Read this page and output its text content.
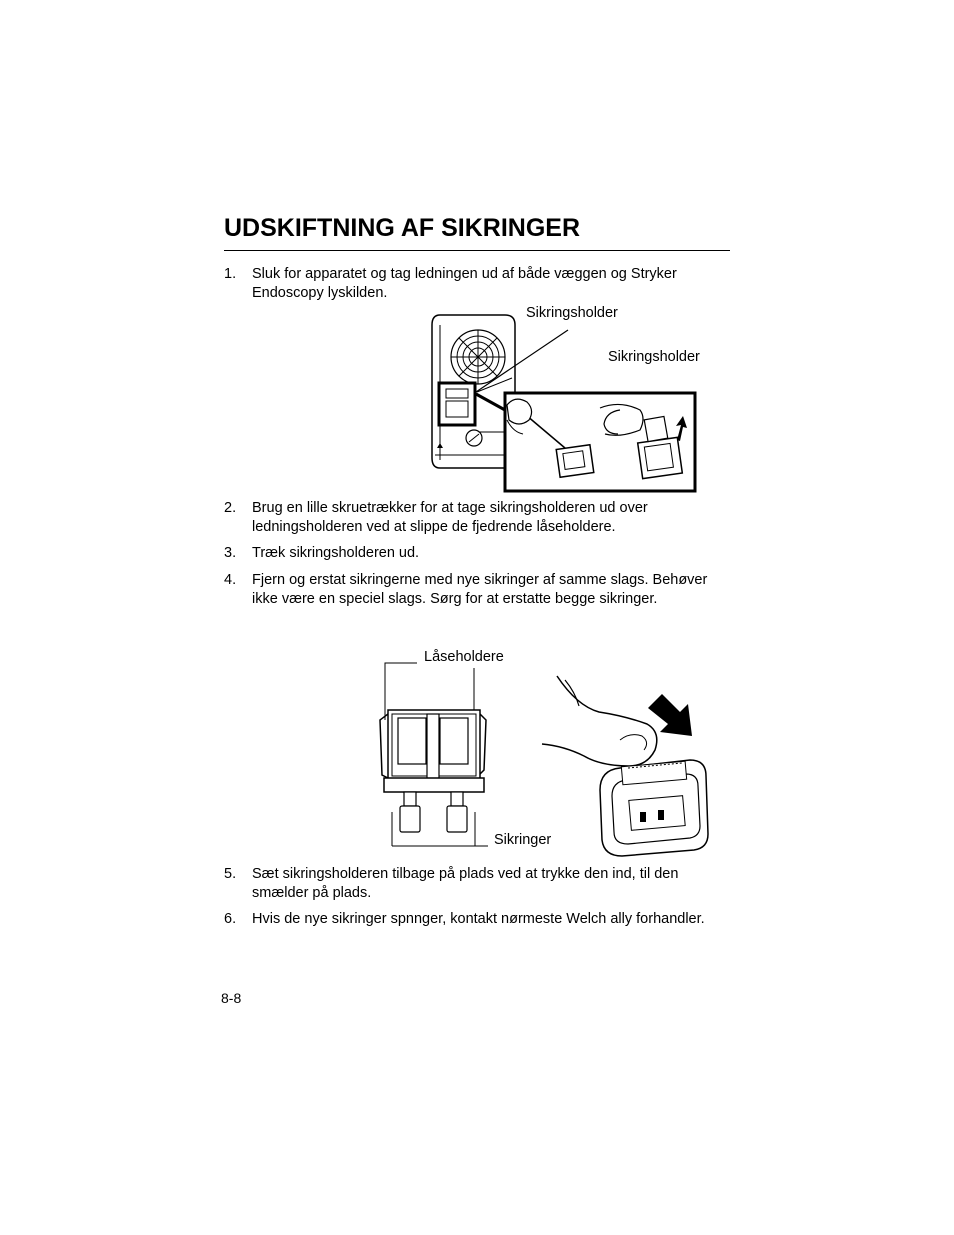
UDSKIFTNING AF SIKRINGER
1. Sluk for apparatet og tag ledningen ud af både væggen og Stryker Endoscopy lyskilden.
Sikringsholder
Sikringsholder
2. Brug en lille skruetrækker for at tage sikringsholderen ud over ledningsholderen ved at slippe de fjedrende låseholdere.
3. Træk sikringsholderen ud.
4. Fjern og erstat sikringerne med nye sikringer af samme slags. Behøver ikke være en speciel slags. Sørg for at erstatte begge sikringer.
Låseholdere
Sikringer
5. Sæt sikringsholderen tilbage på plads ved at trykke den ind, til den smælder på plads.
6. Hvis de nye sikringer spnnger, kontakt nørmeste Welch ally forhandler.
8-8
